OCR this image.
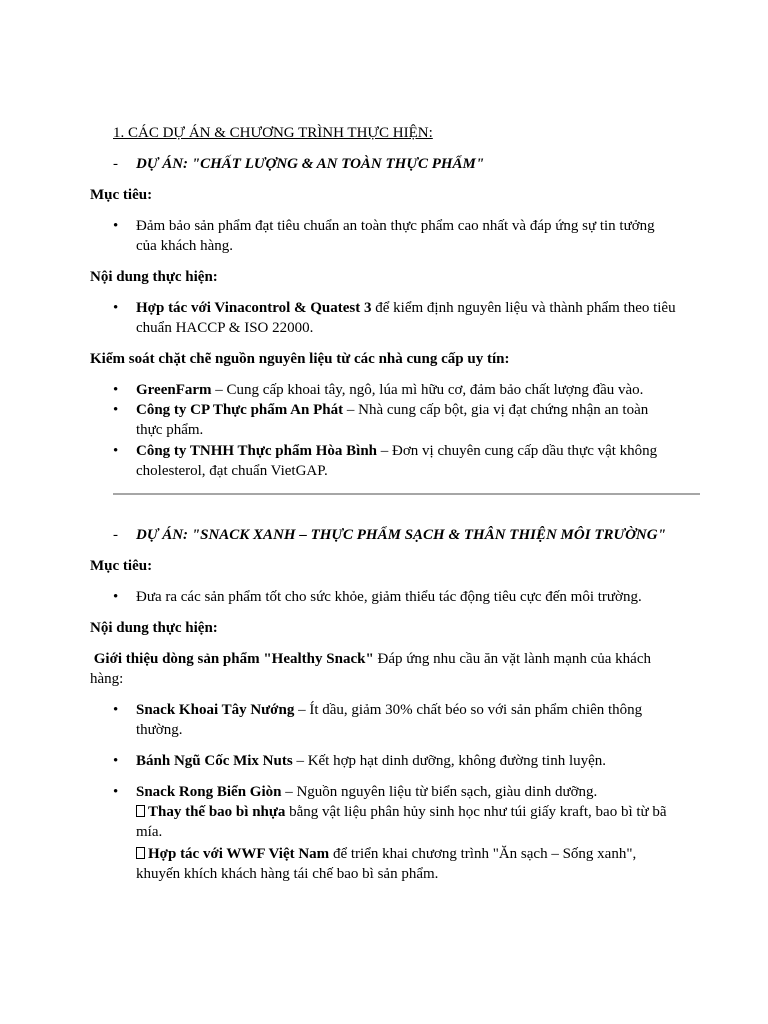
1. CÁC DỰ ÁN & CHƯƠNG TRÌNH THỰC HIỆN:
- DỰ ÁN: "CHẤT LƯỢNG & AN TOÀN THỰC PHẨM"
Mục tiêu:
• Đảm bảo sản phẩm đạt tiêu chuẩn an toàn thực phẩm cao nhất và đáp ứng sự tin tưởng
của khách hàng.
Nội dung thực hiện:
• Hợp tác với Vinacontrol & Quatest 3 để kiểm định nguyên liệu và thành phẩm theo tiêu
chuẩn HACCP & ISO 22000.
Kiểm soát chặt chẽ nguồn nguyên liệu từ các nhà cung cấp uy tín:
• GreenFarm – Cung cấp khoai tây, ngô, lúa mì hữu cơ, đảm bảo chất lượng đầu vào.
• Công ty CP Thực phẩm An Phát – Nhà cung cấp bột, gia vị đạt chứng nhận an toàn
thực phẩm.
• Công ty TNHH Thực phẩm Hòa Bình – Đơn vị chuyên cung cấp dầu thực vật không
cholesterol, đạt chuẩn VietGAP.
- DỰ ÁN: "SNACK XANH – THỰC PHẨM SẠCH & THÂN THIỆN MÔI TRƯỜNG"
Mục tiêu:
• Đưa ra các sản phẩm tốt cho sức khỏe, giảm thiểu tác động tiêu cực đến môi trường.
Nội dung thực hiện:
Giới thiệu dòng sản phẩm "Healthy Snack" Đáp ứng nhu cầu ăn vặt lành mạnh của khách
hàng:
• Snack Khoai Tây Nướng – Ít dầu, giảm 30% chất béo so với sản phẩm chiên thông
thường.
• Bánh Ngũ Cốc Mix Nuts – Kết hợp hạt dinh dưỡng, không đường tinh luyện.
• Snack Rong Biển Giòn – Nguồn nguyên liệu từ biển sạch, giàu dinh dưỡng.
Thay thế bao bì nhựa bằng vật liệu phân hủy sinh học như túi giấy kraft, bao bì từ bã
mía.
Hợp tác với WWF Việt Nam để triển khai chương trình "Ăn sạch – Sống xanh",
khuyến khích khách hàng tái chế bao bì sản phẩm.
